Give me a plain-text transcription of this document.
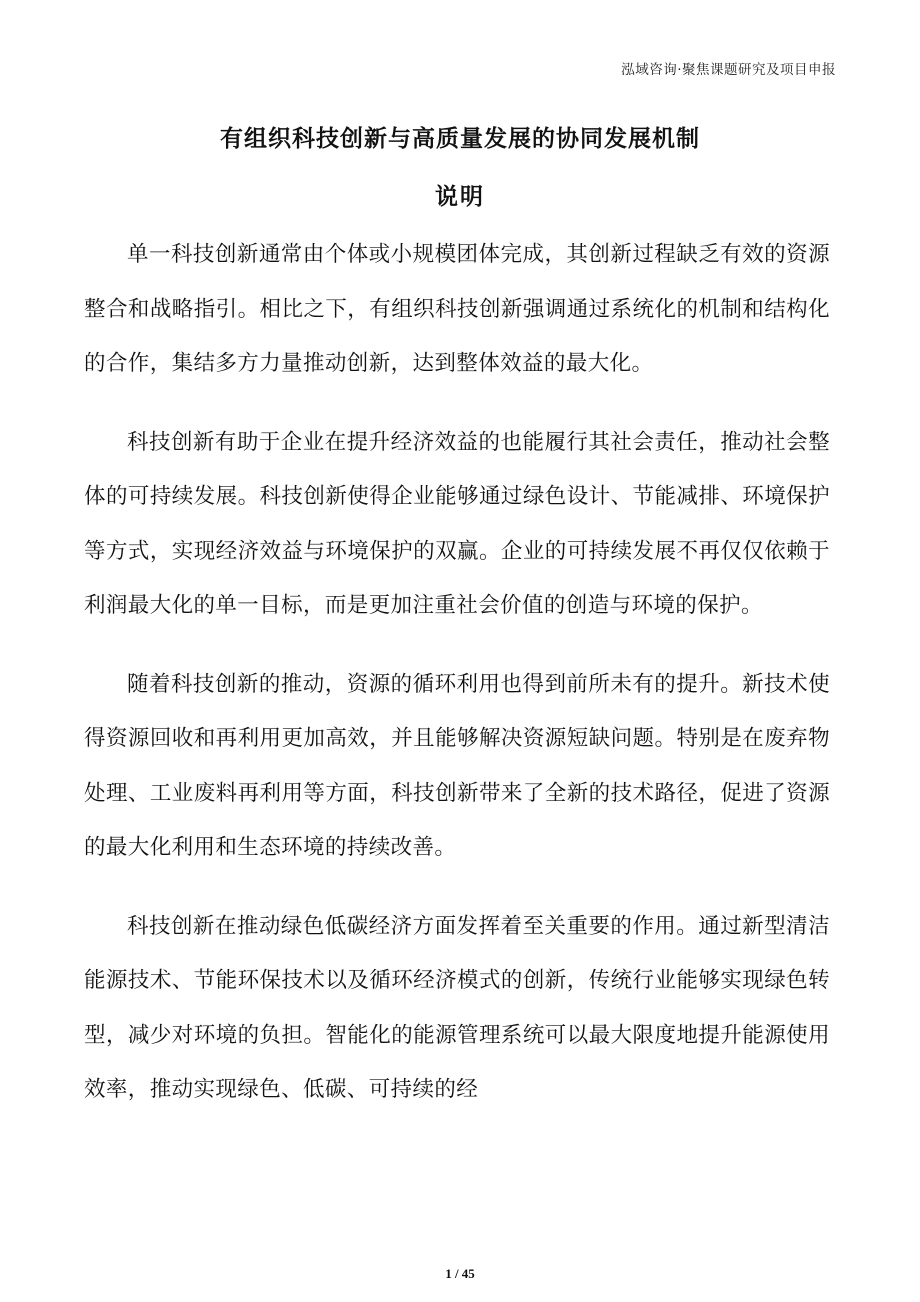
泓域咨询·聚焦课题研究及项目申报
有组织科技创新与高质量发展的协同发展机制
说明

单一科技创新通常由个体或小规模团体完成，其创新过程缺乏有效的资源整合和战略指引。相比之下，有组织科技创新强调通过系统化的机制和结构化的合作，集结多方力量推动创新，达到整体效益的最大化。

科技创新有助于企业在提升经济效益的也能履行其社会责任，推动社会整体的可持续发展。科技创新使得企业能够通过绿色设计、节能减排、环境保护等方式，实现经济效益与环境保护的双赢。企业的可持续发展不再仅仅依赖于利润最大化的单一目标，而是更加注重社会价值的创造与环境的保护。

随着科技创新的推动，资源的循环利用也得到前所未有的提升。新技术使得资源回收和再利用更加高效，并且能够解决资源短缺问题。特别是在废弃物处理、工业废料再利用等方面，科技创新带来了全新的技术路径，促进了资源的最大化利用和生态环境的持续改善。

科技创新在推动绿色低碳经济方面发挥着至关重要的作用。通过新型清洁能源技术、节能环保技术以及循环经济模式的创新，传统行业能够实现绿色转型，减少对环境的负担。智能化的能源管理系统可以最大限度地提升能源使用效率，推动实现绿色、低碳、可持续的经

1 / 45
